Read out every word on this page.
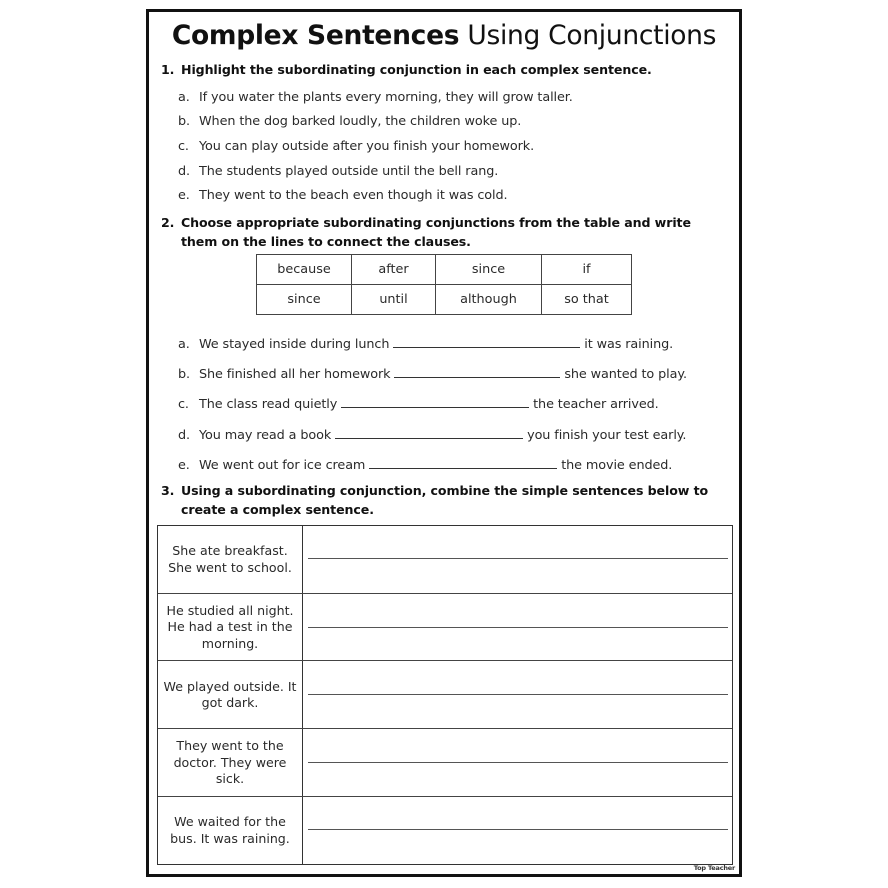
Complex Sentences Using Conjunctions
1. Highlight the subordinating conjunction in each complex sentence.
a. If you water the plants every morning, they will grow taller.
b. When the dog barked loudly, the children woke up.
c. You can play outside after you finish your homework.
d. The students played outside until the bell rang.
e. They went to the beach even though it was cold.
2. Choose appropriate subordinating conjunctions from the table and write
them on the lines to connect the clauses.
because	after	since	if
since	until	although	so that
a. We stayed inside during lunch	it was raining.
b. She finished all her homework	she wanted to play.
c. The class read quietly	the teacher arrived.
d. You may read a book	you finish your test early.
e. We went out for ice cream	the movie ended.
3. Using a subordinating conjunction, combine the simple sentences below to
create a complex sentence.
She ate breakfast. She went to school.
He studied all night. He had a test in the morning.
We played outside. It got dark.
They went to the doctor. They were sick.
We waited for the bus. It was raining.
Top Teacher
